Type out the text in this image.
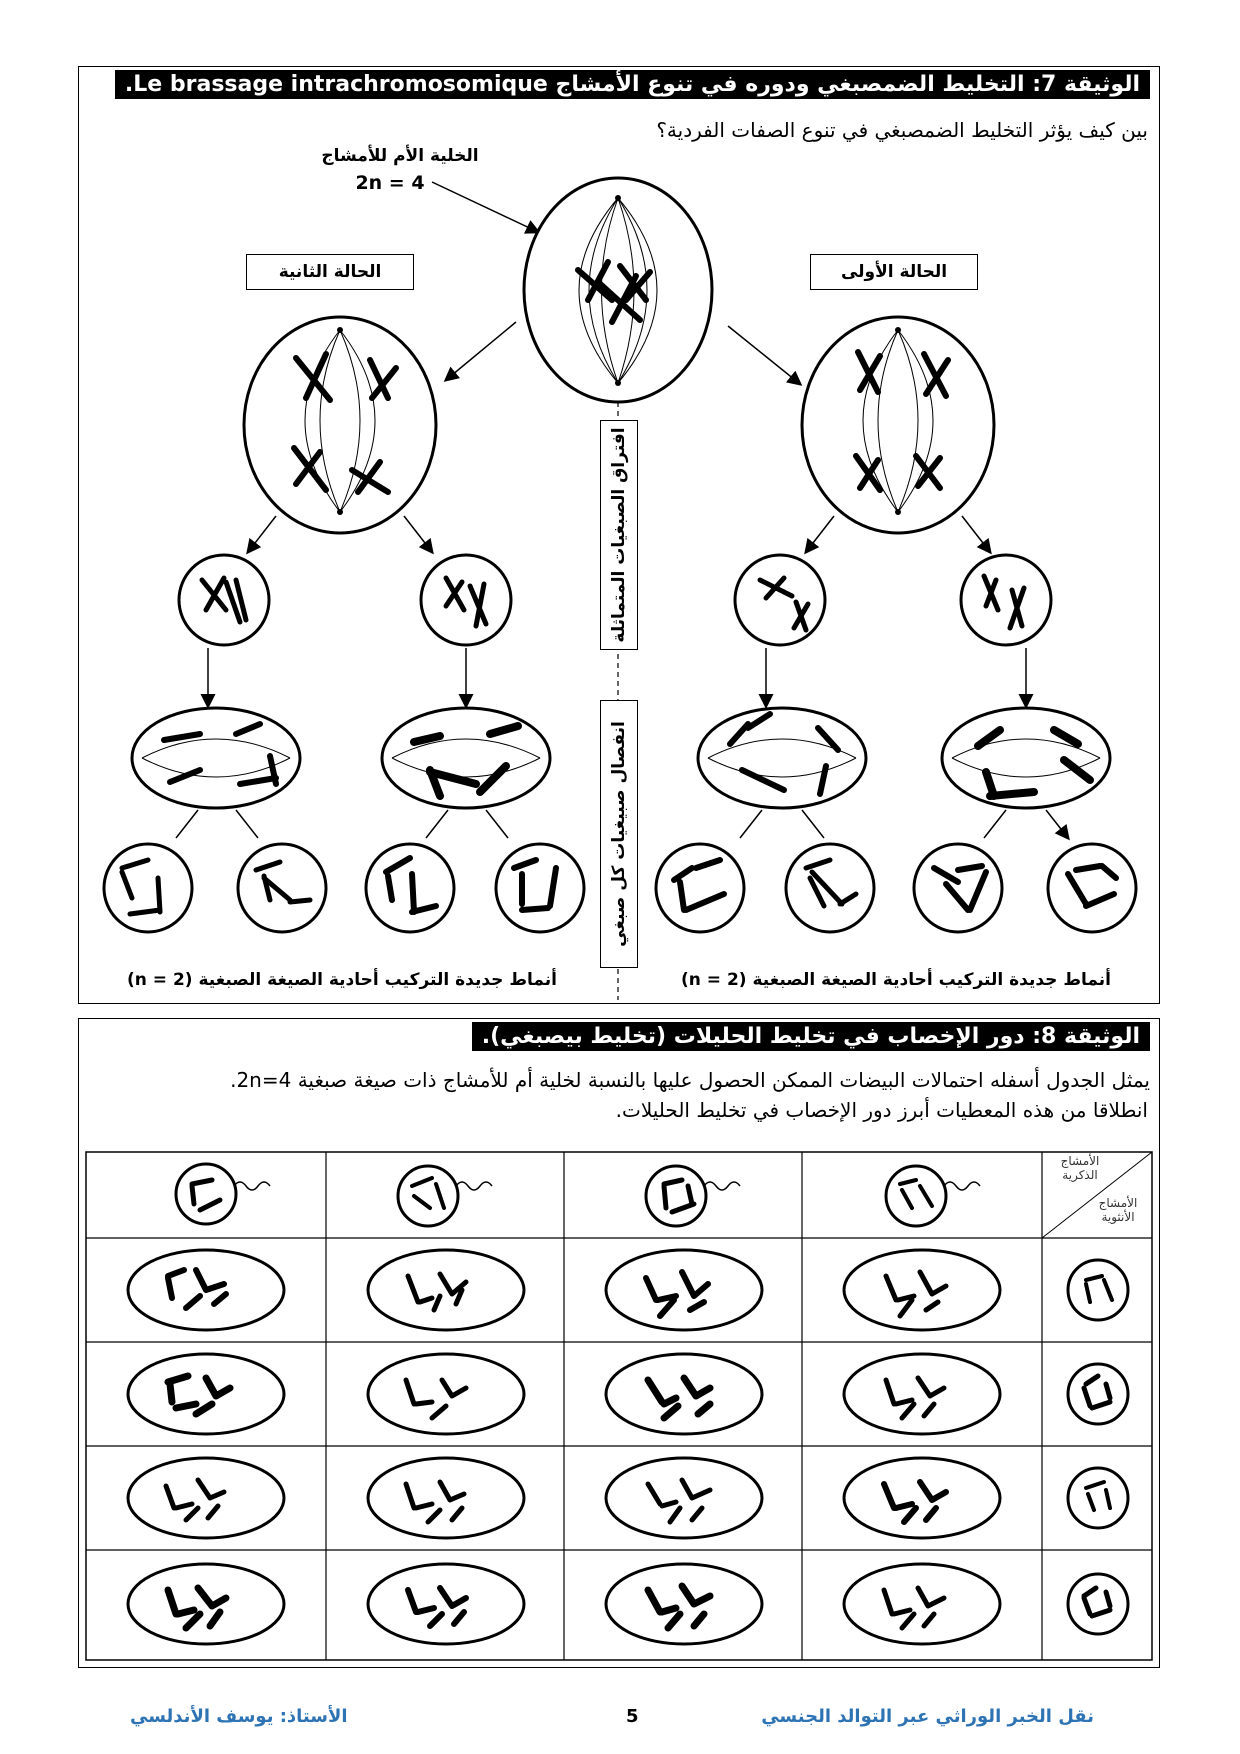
الوثيقة 7: التخليط الضمصبغي ودوره في تنوع الأمشاج Le brassage intrachromosomique.
بين كيف يؤثر التخليط الضمصبغي في تنوع الصفات الفردية؟
الخلية الأم للأمشاج
2n = 4
الحالة الثانية	الحالة الأولى
افتراق الصبغيات المتماثلة
انفصال صبيغيات كل صبغي
أنماط جديدة التركيب أحادية الصيغة الصبغية (n = 2)	أنماط جديدة التركيب أحادية الصيغة الصبغية (n = 2)
الوثيقة 8: دور الإخصاب في تخليط الحليلات (تخليط بيصبغي).
يمثل الجدول أسفله احتمالات البيضات الممكن الحصول عليها بالنسبة لخلية أم للأمشاج ذات صيغة صبغية 2n=4.
انطلاقا من هذه المعطيات أبرز دور الإخصاب في تخليط الحليلات.
الأمشاج الذكرية
الأمشاج الأنثوية
الأستاذ: يوسف الأندلسي	5	نقل الخبر الوراثي عبر التوالد الجنسي
